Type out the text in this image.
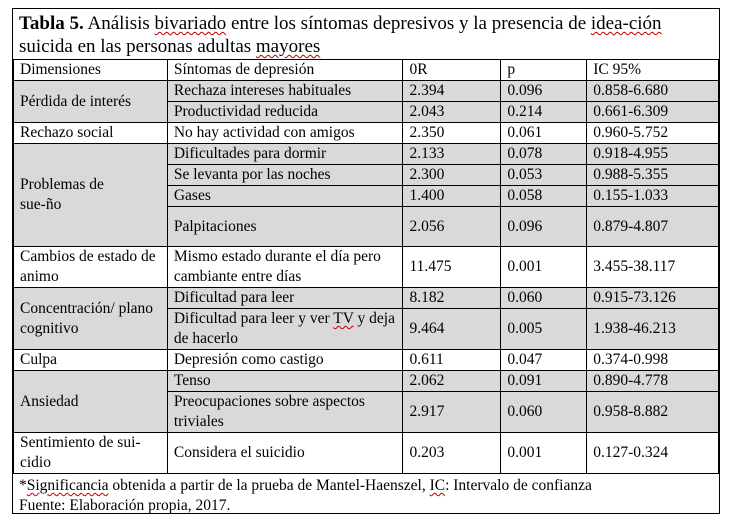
Tabla 5. Análisis bivariado entre los síntomas depresivos y la presencia de idea-ción suicida en las personas adultas mayores
Dimensiones	Síntomas de depresión	0R	p	IC 95%
Pérdida de interés	Rechaza intereses habituales	2.394	0.096	0.858-6.680
	Productividad reducida	2.043	0.214	0.661-6.309
Rechazo social	No hay actividad con amigos	2.350	0.061	0.960-5.752
Problemas de sue-ño	Dificultades para dormir	2.133	0.078	0.918-4.955
	Se levanta por las noches	2.300	0.053	0.988-5.355
	Gases	1.400	0.058	0.155-1.033
	Palpitaciones	2.056	0.096	0.879-4.807
Cambios de estado de animo	Mismo estado durante el día pero cambiante entre días	11.475	0.001	3.455-38.117
Concentración/ plano cognitivo	Dificultad para leer	8.182	0.060	0.915-73.126
	Dificultad para leer y ver TV y deja de hacerlo	9.464	0.005	1.938-46.213
Culpa	Depresión como castigo	0.611	0.047	0.374-0.998
Ansiedad	Tenso	2.062	0.091	0.890-4.778
	Preocupaciones sobre aspectos triviales	2.917	0.060	0.958-8.882
Sentimiento de sui-cidio	Considera el suicidio	0.203	0.001	0.127-0.324
*Significancia obtenida a partir de la prueba de Mantel-Haenszel, IC: Intervalo de confianza
Fuente: Elaboración propia, 2017.
